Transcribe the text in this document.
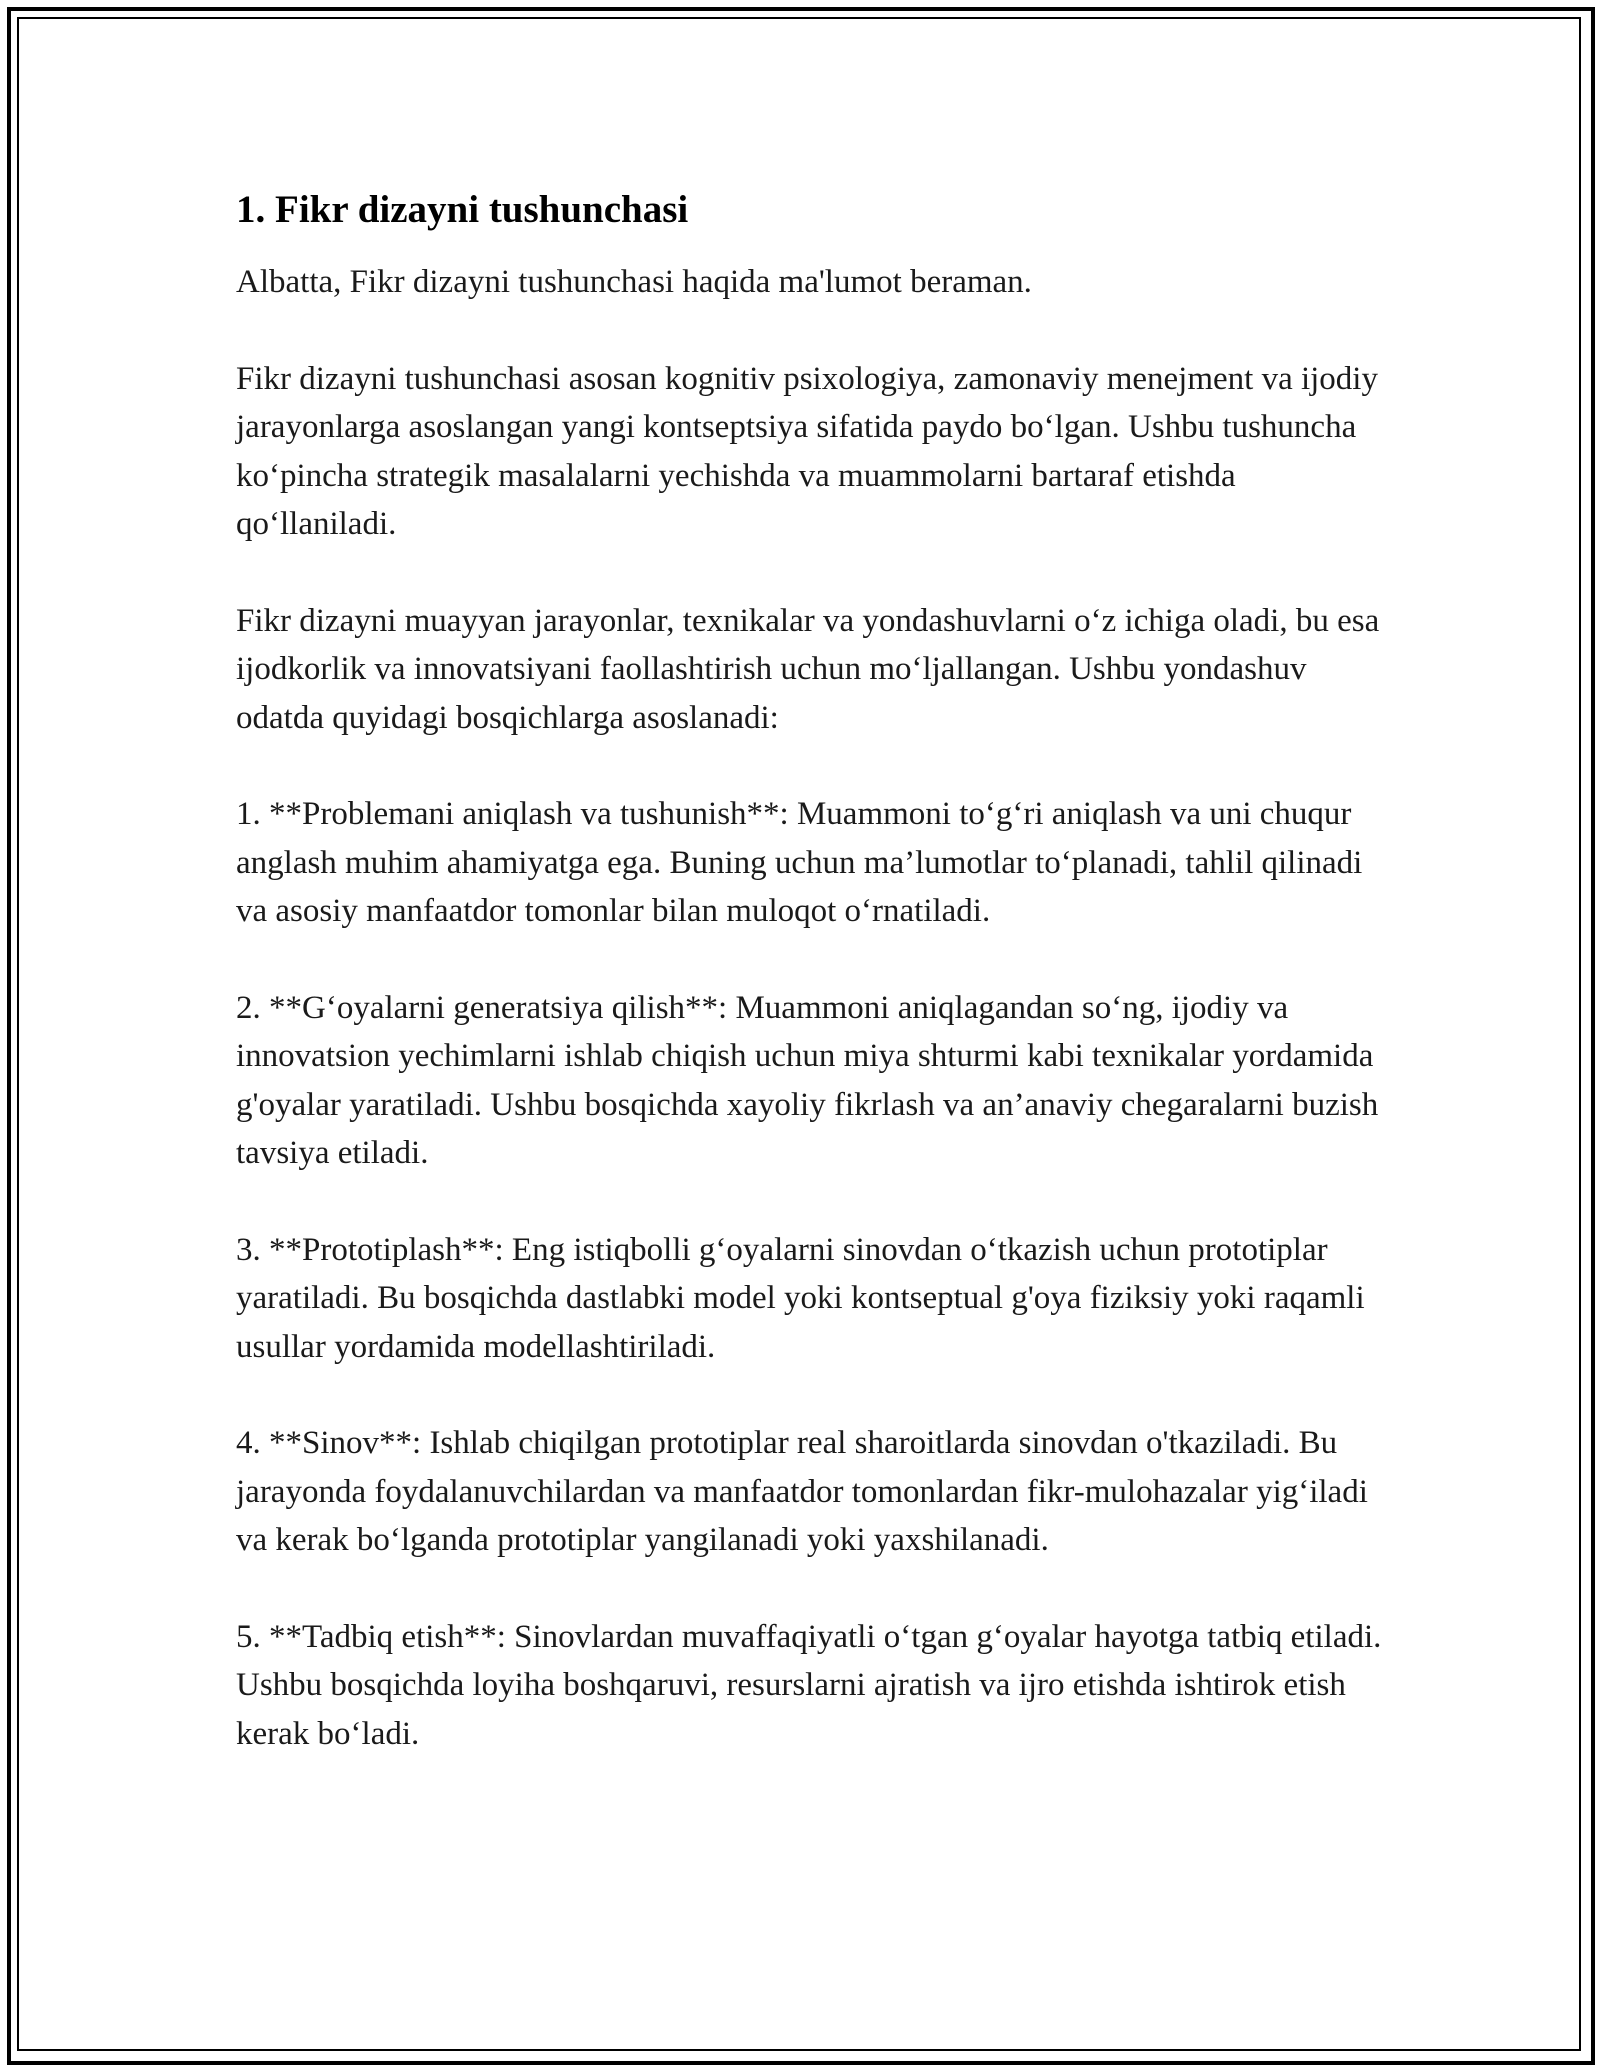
1. Fikr dizayni tushunchasi

Albatta, Fikr dizayni tushunchasi haqida ma'lumot beraman.

Fikr dizayni tushunchasi asosan kognitiv psixologiya, zamonaviy menejment va ijodiy jarayonlarga asoslangan yangi kontseptsiya sifatida paydo bo‘lgan. Ushbu tushuncha ko‘pincha strategik masalalarni yechishda va muammolarni bartaraf etishda qo‘llaniladi.

Fikr dizayni muayyan jarayonlar, texnikalar va yondashuvlarni o‘z ichiga oladi, bu esa ijodkorlik va innovatsiyani faollashtirish uchun mo‘ljallangan. Ushbu yondashuv odatda quyidagi bosqichlarga asoslanadi:

1. **Problemani aniqlash va tushunish**: Muammoni to‘g‘ri aniqlash va uni chuqur anglash muhim ahamiyatga ega. Buning uchun ma’lumotlar to‘planadi, tahlil qilinadi va asosiy manfaatdor tomonlar bilan muloqot o‘rnatiladi.

2. **G‘oyalarni generatsiya qilish**: Muammoni aniqlagandan so‘ng, ijodiy va innovatsion yechimlarni ishlab chiqish uchun miya shturmi kabi texnikalar yordamida g'oyalar yaratiladi. Ushbu bosqichda xayoliy fikrlash va an’anaviy chegaralarni buzish tavsiya etiladi.

3. **Prototiplash**: Eng istiqbolli g‘oyalarni sinovdan o‘tkazish uchun prototiplar yaratiladi. Bu bosqichda dastlabki model yoki kontseptual g'oya fiziksiy yoki raqamli usullar yordamida modellashtiriladi.

4. **Sinov**: Ishlab chiqilgan prototiplar real sharoitlarda sinovdan o'tkaziladi. Bu jarayonda foydalanuvchilardan va manfaatdor tomonlardan fikr-mulohazalar yig‘iladi va kerak bo‘lganda prototiplar yangilanadi yoki yaxshilanadi.

5. **Tadbiq etish**: Sinovlardan muvaffaqiyatli o‘tgan g‘oyalar hayotga tatbiq etiladi. Ushbu bosqichda loyiha boshqaruvi, resurslarni ajratish va ijro etishda ishtirok etish kerak bo‘ladi.
